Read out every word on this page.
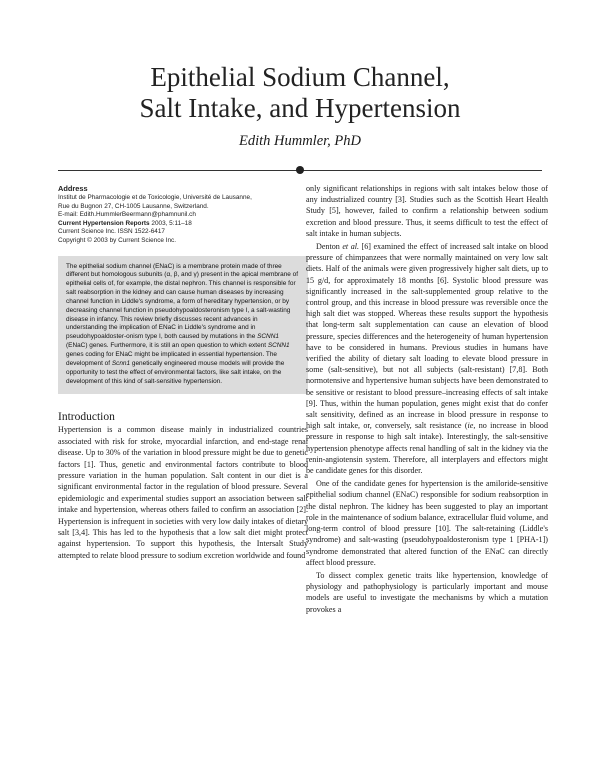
Epithelial Sodium Channel,
Salt Intake, and Hypertension
Edith Hummler, PhD
Address
Institut de Pharmacologie et de Toxicologie, Université de Lausanne,
Rue du Bugnon 27, CH-1005 Lausanne, Switzerland.
E-mail: Edith.HummlerBeermann@phamnunil.ch
Current Hypertension Reports 2003, 5:11–18
Current Science Inc. ISSN 1522-6417
Copyright © 2003 by Current Science Inc.

The epithelial sodium channel (ENaC) is a membrane protein made of three different but homologous subunits (α, β, and γ) present in the apical membrane of epithelial cells of, for example, the distal nephron. This channel is responsible for salt reabsorption in the kidney and can cause human diseases by increasing channel function in Liddle's syndrome, a form of hereditary hypertension, or by decreasing channel function in pseudohypoaldosteronism type I, a salt-wasting disease in infancy. This review briefly discusses recent advances in understanding the implication of ENaC in Liddle's syndrome and in pseudohypoaldoster-onism type I, both caused by mutations in the SCNN1 (ENaC) genes. Furthermore, it is still an open question to which extent SCNN1 genes coding for ENaC might be implicated in essential hypertension. The development of Scnn1 genetically engineered mouse models will provide the opportunity to test the effect of environmental factors, like salt intake, on the development of this kind of salt-sensitive hypertension.

Introduction

Hypertension is a common disease mainly in industrialized countries associated with risk for stroke, myocardial infarction, and end-stage renal disease. Up to 30% of the variation in blood pressure might be due to genetic factors [1]. Thus, genetic and environmental factors contribute to blood pressure variation in the human population. Salt content in our diet is a significant environmental factor in the regulation of blood pressure. Several epidemiologic and experimental studies support an association between salt intake and hypertension, whereas others failed to confirm an association [2]. Hypertension is infrequent in societies with very low daily intakes of dietary salt [3,4]. This has led to the hypothesis that a low salt diet might protect against hypertension. To support this hypothesis, the Intersalt Study attempted to relate blood pressure to sodium excretion worldwide and found

only significant relationships in regions with salt intakes below those of any industrialized country [3]. Studies such as the Scottish Heart Health Study [5], however, failed to confirm a relationship between sodium excretion and blood pressure. Thus, it seems difficult to test the effect of salt intake in human subjects.

Denton et al. [6] examined the effect of increased salt intake on blood pressure of chimpanzees that were normally maintained on very low salt diets. Half of the animals were given progressively higher salt diets, up to 15 g/d, for approximately 18 months [6]. Systolic blood pressure was significantly increased in the salt-supplemented group relative to the control group, and this increase in blood pressure was reversible once the high salt diet was stopped. Whereas these results support the hypothesis that long-term salt supplementation can cause an elevation of blood pressure, species differences and the heterogeneity of human hypertension have to be considered in humans. Previous studies in humans have verified the ability of dietary salt loading to elevate blood pressure in some (salt-sensitive), but not all subjects (salt-resistant) [7,8]. Both normotensive and hypertensive human subjects have been demonstrated to be sensitive or resistant to blood pressure–increasing effects of salt intake [9]. Thus, within the human population, genes might exist that do confer salt sensitivity, defined as an increase in blood pressure in response to high salt intake, or, conversely, salt resistance (ie, no increase in blood pressure in response to high salt intake). Interestingly, the salt-sensitive hypertension phenotype affects renal handling of salt in the kidney via the renin-angiotensin system. Therefore, all interplayers and effectors might be candidate genes for this disorder.

One of the candidate genes for hypertension is the amiloride-sensitive epithelial sodium channel (ENaC) responsible for sodium reabsorption in the distal nephron. The kidney has been suggested to play an important role in the maintenance of sodium balance, extracellular fluid volume, and long-term control of blood pressure [10]. The salt-retaining (Liddle's syndrome) and salt-wasting (pseudohypoaldosteronism type 1 [PHA-1]) syndrome demonstrated that altered function of the ENaC can directly affect blood pressure.

To dissect complex genetic traits like hypertension, knowledge of physiology and pathophysiology is particularly important and mouse models are useful to investigate the mechanisms by which a mutation provokes a
